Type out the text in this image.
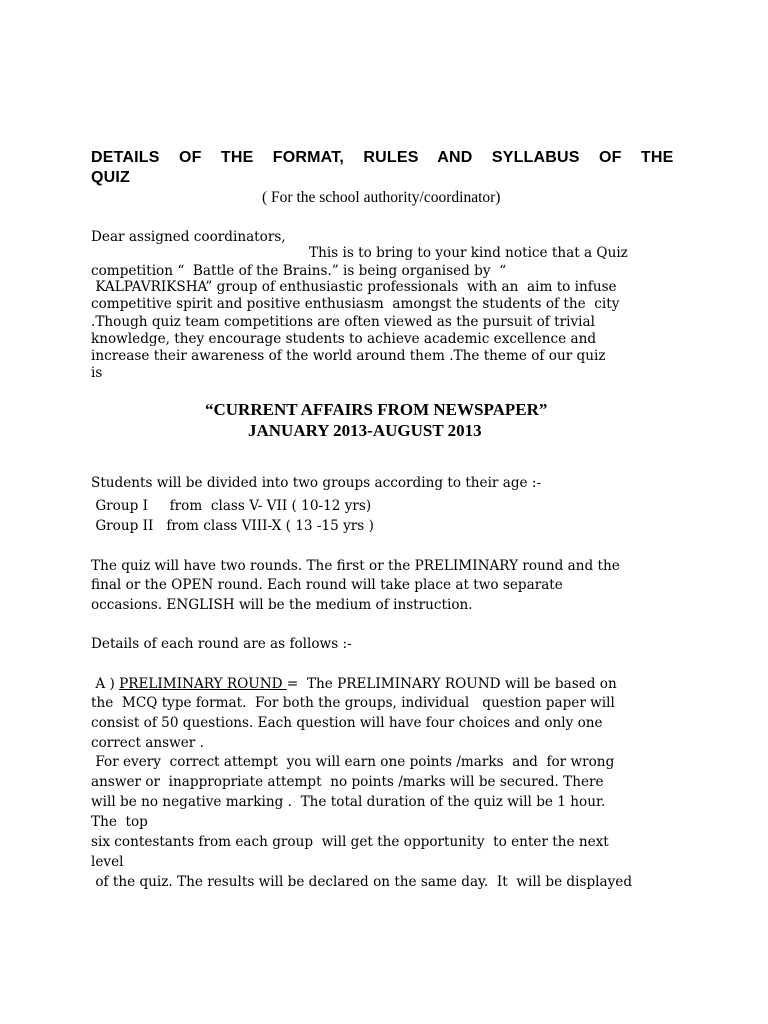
DETAILS  OF  THE  FORMAT,  RULES  AND  SYLLABUS  OF  THE
QUIZ
( For the school authority/coordinator)
Dear assigned coordinators,
This is to bring to your kind notice that a Quiz
competition “  Battle of the Brains.” is being organised by  “
KALPAVRIKSHA” group of enthusiastic professionals  with an  aim to infuse
competitive spirit and positive enthusiasm  amongst the students of the  city
.Though quiz team competitions are often viewed as the pursuit of trivial
knowledge, they encourage students to achieve academic excellence and
increase their awareness of the world around them .The theme of our quiz
is
“CURRENT AFFAIRS FROM NEWSPAPER”
JANUARY 2013-AUGUST 2013
Students will be divided into two groups according to their age :-
Group I     from  class V- VII ( 10-12 yrs)
Group II   from class VIII-X ( 13 -15 yrs )
The quiz will have two rounds. The first or the PRELIMINARY round and the
final or the OPEN round. Each round will take place at two separate
occasions. ENGLISH will be the medium of instruction.
Details of each round are as follows :-
A ) PRELIMINARY ROUND =  The PRELIMINARY ROUND will be based on
the  MCQ type format.  For both the groups, individual   question paper will
consist of 50 questions. Each question will have four choices and only one
correct answer .
For every  correct attempt  you will earn one points /marks  and  for wrong
answer or  inappropriate attempt  no points /marks will be secured. There
will be no negative marking .  The total duration of the quiz will be 1 hour.
The  top
six contestants from each group  will get the opportunity  to enter the next
level
of the quiz. The results will be declared on the same day.  It  will be displayed
